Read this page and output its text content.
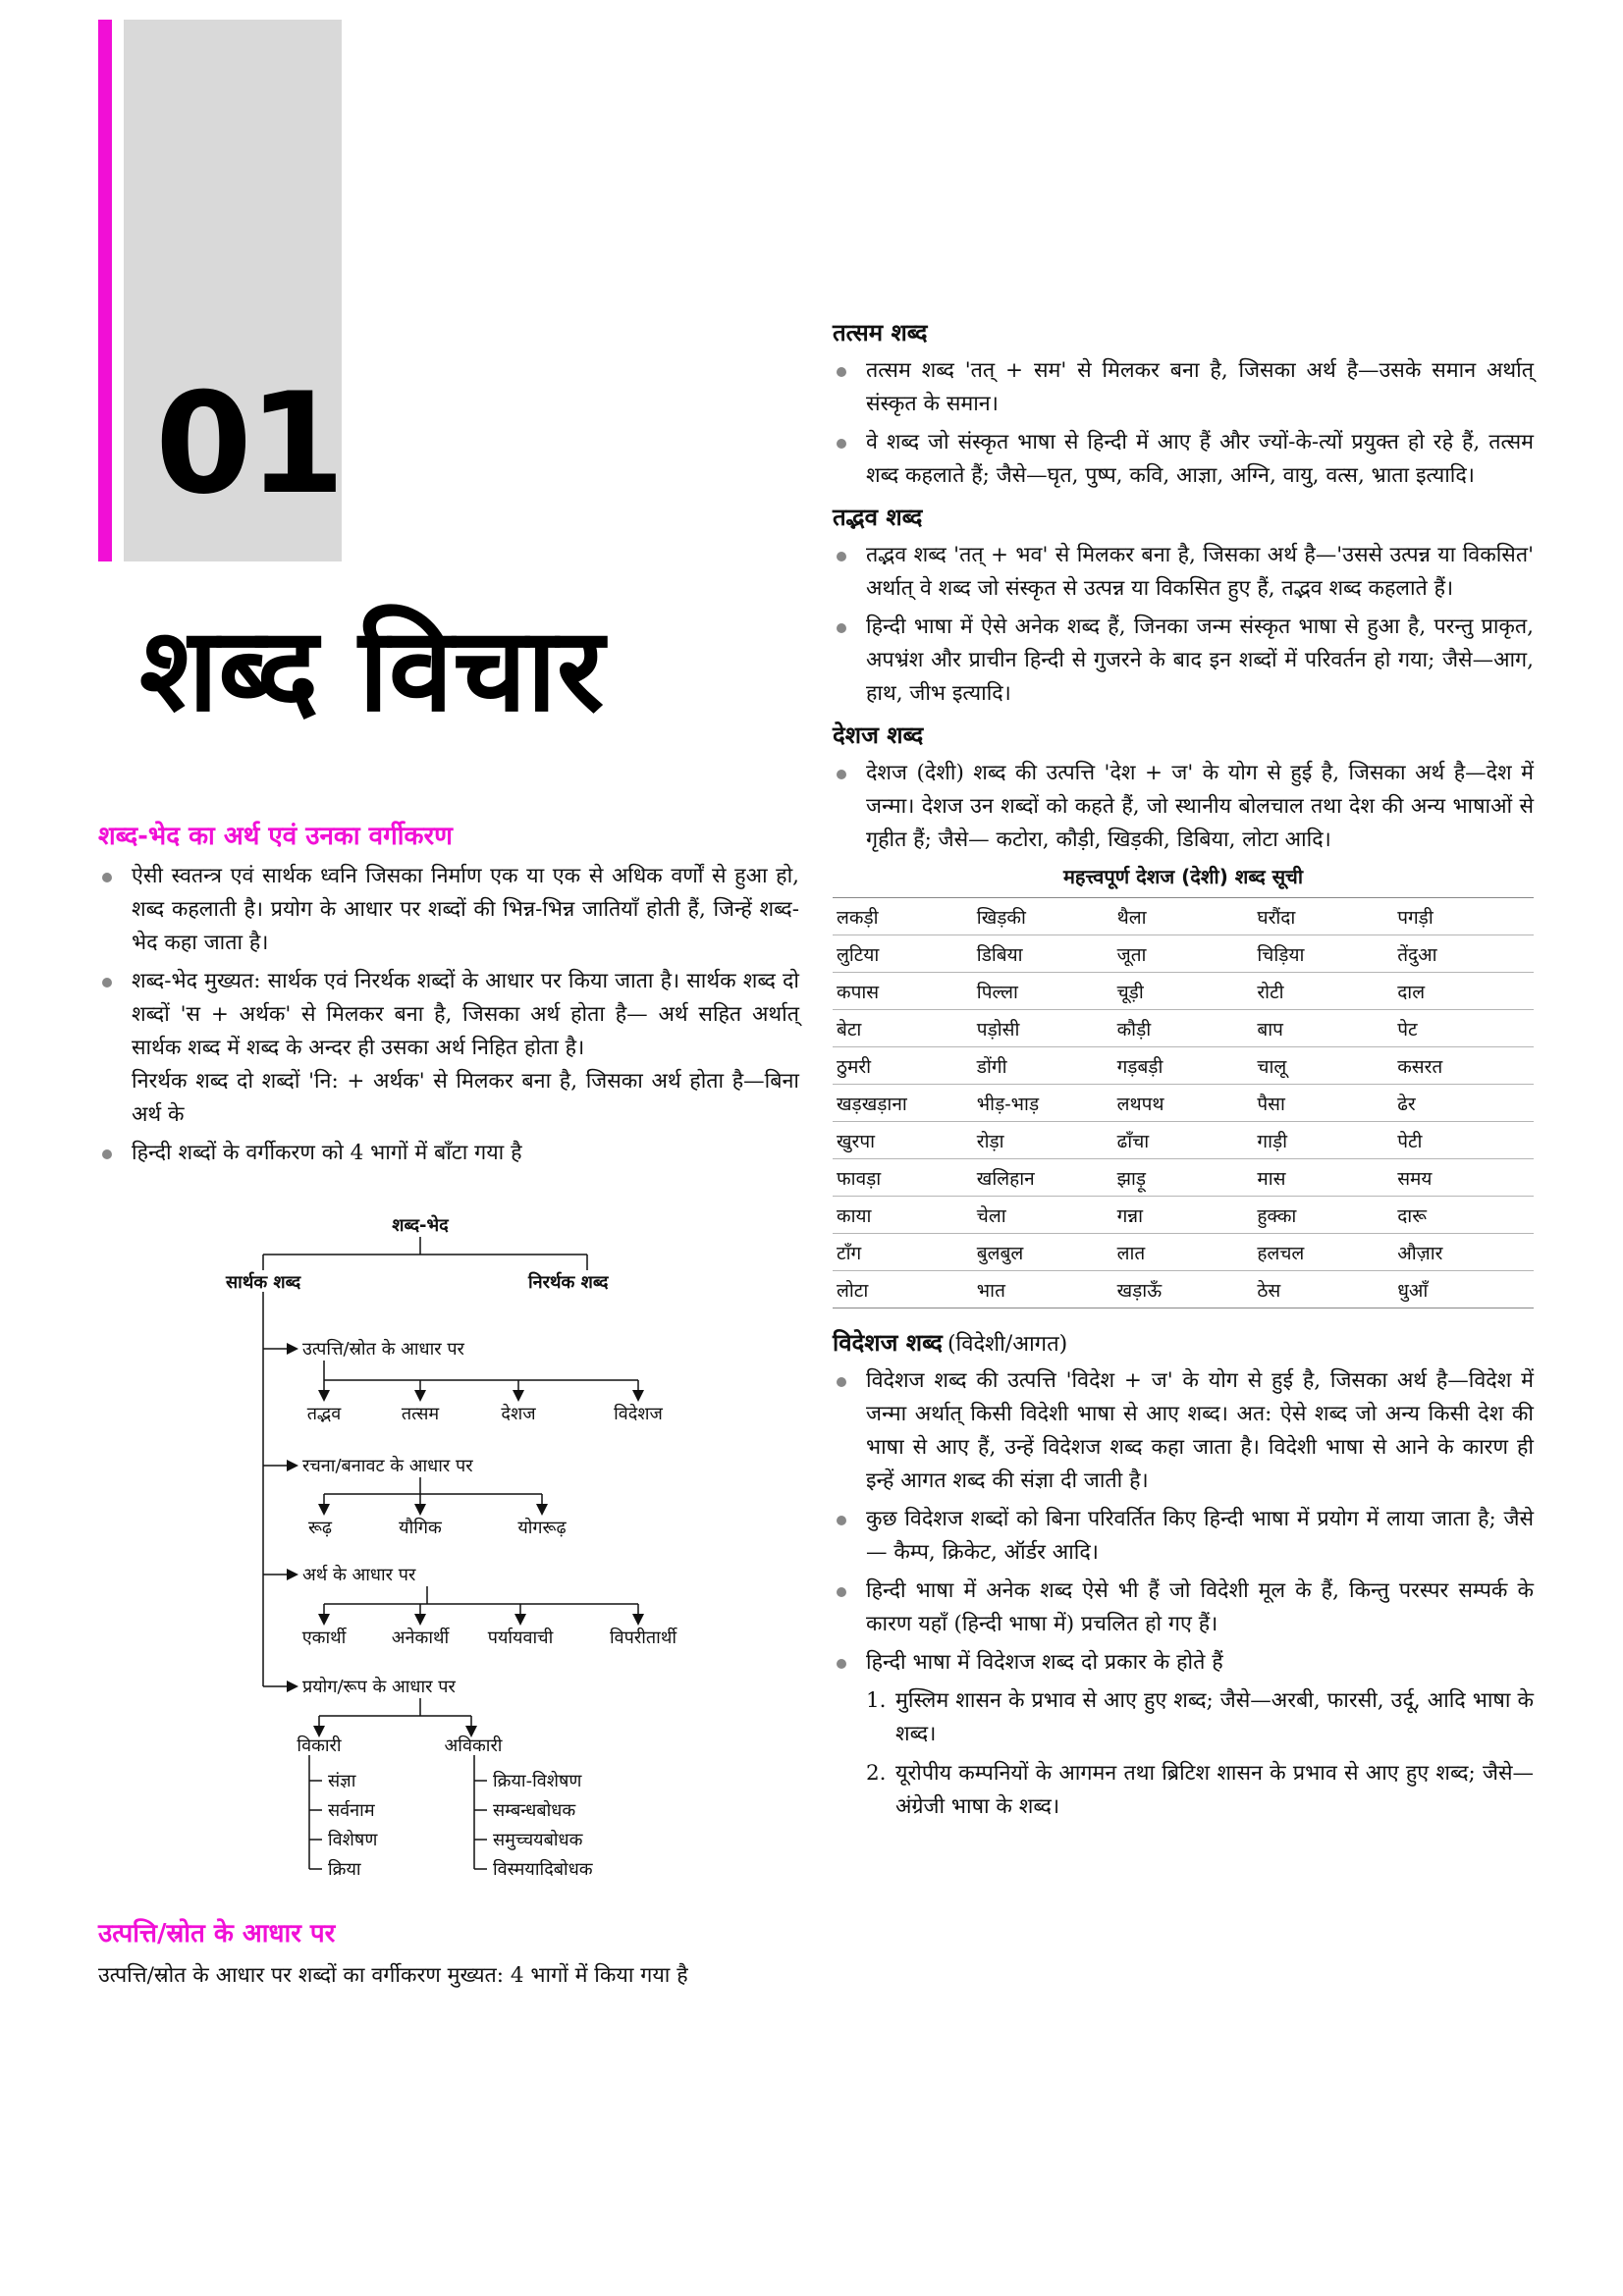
01
शब्द विचार
शब्द-भेद का अर्थ एवं उनका वर्गीकरण
ऐसी स्वतन्त्र एवं सार्थक ध्वनि जिसका निर्माण एक या एक से अधिक वर्णों से हुआ हो, शब्द कहलाती है। प्रयोग के आधार पर शब्दों की भिन्न-भिन्न जातियाँ होती हैं, जिन्हें शब्द-भेद कहा जाता है।
शब्द-भेद मुख्यत: सार्थक एवं निरर्थक शब्दों के आधार पर किया जाता है। सार्थक शब्द दो शब्दों 'स + अर्थक' से मिलकर बना है, जिसका अर्थ होता है— अर्थ सहित अर्थात् सार्थक शब्द में शब्द के अन्दर ही उसका अर्थ निहित होता है।
निरर्थक शब्द दो शब्दों 'नि: + अर्थक' से मिलकर बना है, जिसका अर्थ होता है—बिना अर्थ के
हिन्दी शब्दों के वर्गीकरण को 4 भागों में बाँटा गया है
शब्द-भेद
सार्थक शब्द	निरर्थक शब्द
उत्पत्ति/स्रोत के आधार पर
तद्भव	तत्सम	देशज	विदेशज
रचना/बनावट के आधार पर
रूढ़	यौगिक	योगरूढ़
अर्थ के आधार पर
एकार्थी	अनेकार्थी पर्यायवाची	विपरीतार्थी
प्रयोग/रूप के आधार पर
विकारी	अविकारी
संज्ञा
सर्वनाम
विशेषण
क्रिया
क्रिया-विशेषण
सम्बन्धबोधक
समुच्चयबोधक
विस्मयादिबोधक
उत्पत्ति/स्रोत के आधार पर
उत्पत्ति/स्रोत के आधार पर शब्दों का वर्गीकरण मुख्यत: 4 भागों में किया गया है
तत्सम शब्द
तत्सम शब्द 'तत् + सम' से मिलकर बना है, जिसका अर्थ है—उसके समान अर्थात् संस्कृत के समान।
वे शब्द जो संस्कृत भाषा से हिन्दी में आए हैं और ज्यों-के-त्यों प्रयुक्त हो रहे हैं, तत्सम शब्द कहलाते हैं; जैसे—घृत, पुष्प, कवि, आज्ञा, अग्नि, वायु, वत्स, भ्राता इत्यादि।
तद्भव शब्द
तद्भव शब्द 'तत् + भव' से मिलकर बना है, जिसका अर्थ है—'उससे उत्पन्न या विकसित' अर्थात् वे शब्द जो संस्कृत से उत्पन्न या विकसित हुए हैं, तद्भव शब्द कहलाते हैं।
हिन्दी भाषा में ऐसे अनेक शब्द हैं, जिनका जन्म संस्कृत भाषा से हुआ है, परन्तु प्राकृत, अपभ्रंश और प्राचीन हिन्दी से गुजरने के बाद इन शब्दों में परिवर्तन हो गया; जैसे—आग, हाथ, जीभ इत्यादि।
देशज शब्द
देशज (देशी) शब्द की उत्पत्ति 'देश + ज' के योग से हुई है, जिसका अर्थ है—देश में जन्मा। देशज उन शब्दों को कहते हैं, जो स्थानीय बोलचाल तथा देश की अन्य भाषाओं से गृहीत हैं; जैसे— कटोरा, कौड़ी, खिड़की, डिबिया, लोटा आदि।
महत्त्वपूर्ण देशज (देशी) शब्द सूची
लकड़ी	खिड़की	थैला	घरौंदा	पगड़ी
लुटिया	डिबिया	जूता	चिड़िया	तेंदुआ
कपास	पिल्ला	चूड़ी	रोटी	दाल
बेटा	पड़ोसी	कौड़ी	बाप	पेट
ठुमरी	डोंगी	गड़बड़ी	चालू	कसरत
खड़खड़ाना	भीड़-भाड़	लथपथ	पैसा	ढेर
खुरपा	रोड़ा	ढाँचा	गाड़ी	पेटी
फावड़ा	खलिहान	झाड़ू	मास	समय
काया	चेला	गन्ना	हुक्का	दारू
टाँग	बुलबुल	लात	हलचल	औज़ार
लोटा	भात	खड़ाऊँ	ठेस	धुआँ
विदेशज शब्द (विदेशी/आगत)
विदेशज शब्द की उत्पत्ति 'विदेश + ज' के योग से हुई है, जिसका अर्थ है—विदेश में जन्मा अर्थात् किसी विदेशी भाषा से आए शब्द। अत: ऐसे शब्द जो अन्य किसी देश की भाषा से आए हैं, उन्हें विदेशज शब्द कहा जाता है। विदेशी भाषा से आने के कारण ही इन्हें आगत शब्द की संज्ञा दी जाती है।
कुछ विदेशज शब्दों को बिना परिवर्तित किए हिन्दी भाषा में प्रयोग में लाया जाता है; जैसे— कैम्प, क्रिकेट, ऑर्डर आदि।
हिन्दी भाषा में अनेक शब्द ऐसे भी हैं जो विदेशी मूल के हैं, किन्तु परस्पर सम्पर्क के कारण यहाँ (हिन्दी भाषा में) प्रचलित हो गए हैं।
हिन्दी भाषा में विदेशज शब्द दो प्रकार के होते हैं
1. मुस्लिम शासन के प्रभाव से आए हुए शब्द; जैसे—अरबी, फारसी, उर्दू, आदि भाषा के शब्द।
2. यूरोपीय कम्पनियों के आगमन तथा ब्रिटिश शासन के प्रभाव से आए हुए शब्द; जैसे—अंग्रेजी भाषा के शब्द।
